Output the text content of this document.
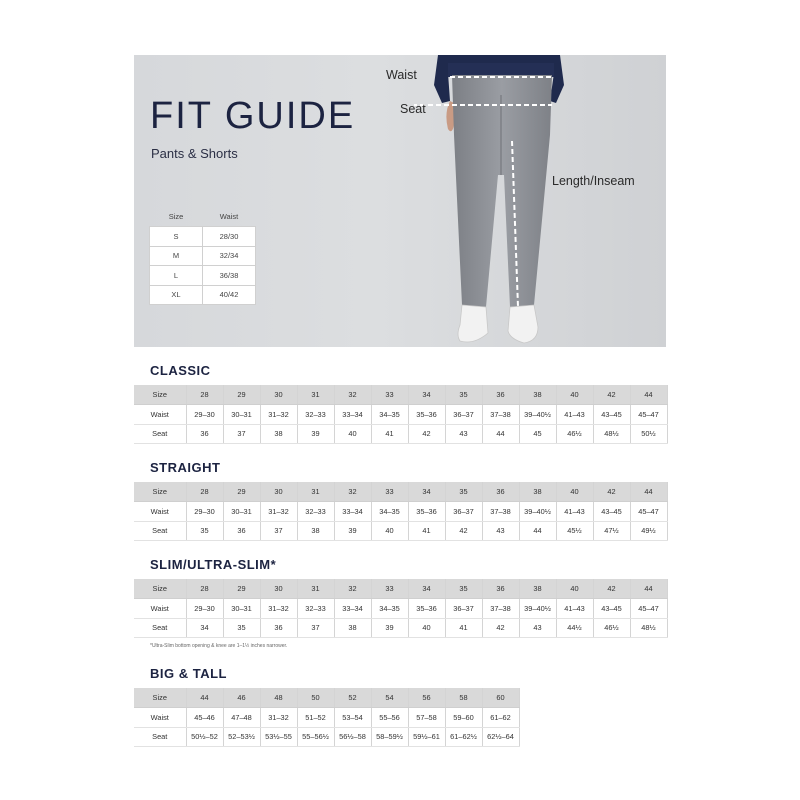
FIT GUIDE
Pants & Shorts
Size	Waist
S	28/30
M	32/34
L	36/38
XL	40/42
Waist
Seat
Length/Inseam
CLASSIC
Size	28	29	30	31	32	33	34	35	36	38	40	42	44
Waist	29–30	30–31	31–32	32–33	33–34	34–35	35–36	36–37	37–38	39–40½	41–43	43–45	45–47
Seat	36	37	38	39	40	41	42	43	44	45	46½	48½	50½
STRAIGHT
Size	28	29	30	31	32	33	34	35	36	38	40	42	44
Waist	29–30	30–31	31–32	32–33	33–34	34–35	35–36	36–37	37–38	39–40½	41–43	43–45	45–47
Seat	35	36	37	38	39	40	41	42	43	44	45½	47½	49½
SLIM/ULTRA-SLIM*
Size	28	29	30	31	32	33	34	35	36	38	40	42	44
Waist	29–30	30–31	31–32	32–33	33–34	34–35	35–36	36–37	37–38	39–40½	41–43	43–45	45–47
Seat	34	35	36	37	38	39	40	41	42	43	44½	46½	48½
*Ultra-Slim bottom opening & knee are 1–1½ inches narrower.
BIG & TALL
Size	44	46	48	50	52	54	56	58	60
Waist	45–46	47–48	31–32	51–52	53–54	55–56	57–58	59–60	61–62
Seat	50½–52	52–53½	53½–55	55–56½	56½–58	58–59½	59½–61	61–62½	62½–64
